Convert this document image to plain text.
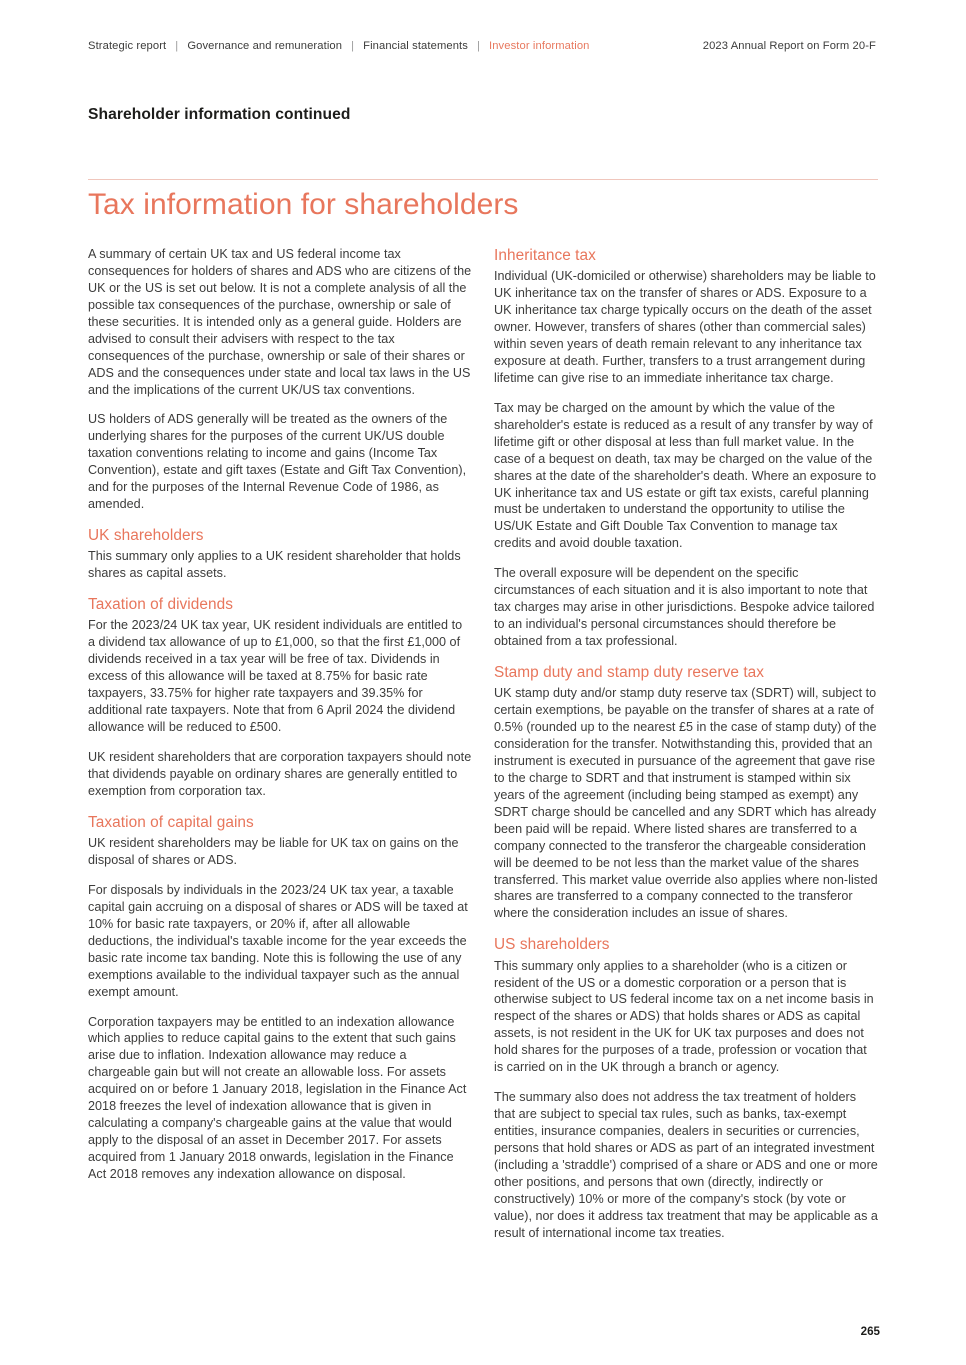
Strategic report | Governance and remuneration | Financial statements | Investor information	2023 Annual Report on Form 20-F
Shareholder information continued
Tax information for shareholders

A summary of certain UK tax and US federal income tax consequences for holders of shares and ADS who are citizens of the UK or the US is set out below. It is not a complete analysis of all the possible tax consequences of the purchase, ownership or sale of these securities. It is intended only as a general guide. Holders are advised to consult their advisers with respect to the tax consequences of the purchase, ownership or sale of their shares or ADS and the consequences under state and local tax laws in the US and the implications of the current UK/US tax conventions.

US holders of ADS generally will be treated as the owners of the underlying shares for the purposes of the current UK/US double taxation conventions relating to income and gains (Income Tax Convention), estate and gift taxes (Estate and Gift Tax Convention), and for the purposes of the Internal Revenue Code of 1986, as amended.

UK shareholders

This summary only applies to a UK resident shareholder that holds shares as capital assets.

Taxation of dividends

For the 2023/24 UK tax year, UK resident individuals are entitled to a dividend tax allowance of up to £1,000, so that the first £1,000 of dividends received in a tax year will be free of tax. Dividends in excess of this allowance will be taxed at 8.75% for basic rate taxpayers, 33.75% for higher rate taxpayers and 39.35% for additional rate taxpayers. Note that from 6 April 2024 the dividend allowance will be reduced to £500.

UK resident shareholders that are corporation taxpayers should note that dividends payable on ordinary shares are generally entitled to exemption from corporation tax.

Taxation of capital gains

UK resident shareholders may be liable for UK tax on gains on the disposal of shares or ADS.

For disposals by individuals in the 2023/24 UK tax year, a taxable capital gain accruing on a disposal of shares or ADS will be taxed at 10% for basic rate taxpayers, or 20% if, after all allowable deductions, the individual's taxable income for the year exceeds the basic rate income tax banding. Note this is following the use of any exemptions available to the individual taxpayer such as the annual exempt amount.

Corporation taxpayers may be entitled to an indexation allowance which applies to reduce capital gains to the extent that such gains arise due to inflation. Indexation allowance may reduce a chargeable gain but will not create an allowable loss. For assets acquired on or before 1 January 2018, legislation in the Finance Act 2018 freezes the level of indexation allowance that is given in calculating a company's chargeable gains at the value that would apply to the disposal of an asset in December 2017. For assets acquired from 1 January 2018 onwards, legislation in the Finance Act 2018 removes any indexation allowance on disposal.

Inheritance tax

Individual (UK-domiciled or otherwise) shareholders may be liable to UK inheritance tax on the transfer of shares or ADS. Exposure to a UK inheritance tax charge typically occurs on the death of the asset owner. However, transfers of shares (other than commercial sales) within seven years of death remain relevant to any inheritance tax exposure at death. Further, transfers to a trust arrangement during lifetime can give rise to an immediate inheritance tax charge.

Tax may be charged on the amount by which the value of the shareholder's estate is reduced as a result of any transfer by way of lifetime gift or other disposal at less than full market value. In the case of a bequest on death, tax may be charged on the value of the shares at the date of the shareholder's death. Where an exposure to UK inheritance tax and US estate or gift tax exists, careful planning must be undertaken to understand the opportunity to utilise the US/UK Estate and Gift Double Tax Convention to manage tax credits and avoid double taxation.

The overall exposure will be dependent on the specific circumstances of each situation and it is also important to note that tax charges may arise in other jurisdictions. Bespoke advice tailored to an individual's personal circumstances should therefore be obtained from a tax professional.

Stamp duty and stamp duty reserve tax

UK stamp duty and/or stamp duty reserve tax (SDRT) will, subject to certain exemptions, be payable on the transfer of shares at a rate of 0.5% (rounded up to the nearest £5 in the case of stamp duty) of the consideration for the transfer. Notwithstanding this, provided that an instrument is executed in pursuance of the agreement that gave rise to the charge to SDRT and that instrument is stamped within six years of the agreement (including being stamped as exempt) any SDRT charge should be cancelled and any SDRT which has already been paid will be repaid. Where listed shares are transferred to a company connected to the transferor the chargeable consideration will be deemed to be not less than the market value of the shares transferred. This market value override also applies where non-listed shares are transferred to a company connected to the transferor where the consideration includes an issue of shares.

US shareholders

This summary only applies to a shareholder (who is a citizen or resident of the US or a domestic corporation or a person that is otherwise subject to US federal income tax on a net income basis in respect of the shares or ADS) that holds shares or ADS as capital assets, is not resident in the UK for UK tax purposes and does not hold shares for the purposes of a trade, profession or vocation that is carried on in the UK through a branch or agency.

The summary also does not address the tax treatment of holders that are subject to special tax rules, such as banks, tax-exempt entities, insurance companies, dealers in securities or currencies, persons that hold shares or ADS as part of an integrated investment (including a 'straddle') comprised of a share or ADS and one or more other positions, and persons that own (directly, indirectly or constructively) 10% or more of the company's stock (by vote or value), nor does it address tax treatment that may be applicable as a result of international income tax treaties.

265
